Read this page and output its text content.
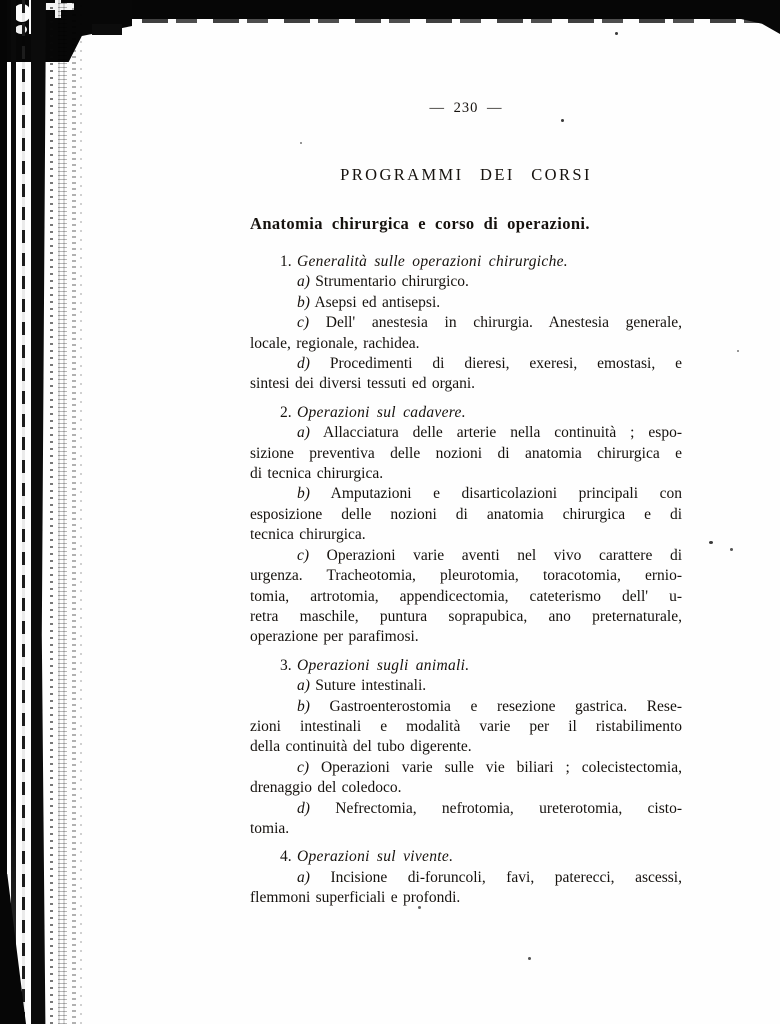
— 230 —
PROGRAMMI DEI CORSI
Anatomia chirurgica e corso di operazioni.
1. Generalità sulle operazioni chirurgiche.
a) Strumentario chirurgico.
b) Asepsi ed antisepsi.
c) Dell' anestesia in chirurgia. Anestesia generale,
locale, regionale, rachidea.
d) Procedimenti di dieresi, exeresi, emostasi, e
sintesi dei diversi tessuti ed organi.
2. Operazioni sul cadavere.
a) Allacciatura delle arterie nella continuità ; espo-
sizione preventiva delle nozioni di anatomia chirurgica e
di tecnica chirurgica.
b) Amputazioni e disarticolazioni principali con
esposizione delle nozioni di anatomia chirurgica e di
tecnica chirurgica.
c) Operazioni varie aventi nel vivo carattere di
urgenza. Tracheotomia, pleurotomia, toracotomia, ernio-
tomia, artrotomia, appendicectomia, cateterismo dell' u-
retra maschile, puntura soprapubica, ano preternaturale,
operazione per parafimosi.
3. Operazioni sugli animali.
a) Suture intestinali.
b) Gastroenterostomia e resezione gastrica. Rese-
zioni intestinali e modalità varie per il ristabilimento
della continuità del tubo digerente.
c) Operazioni varie sulle vie biliari ; colecistectomia,
drenaggio del coledoco.
d) Nefrectomia, nefrotomia, ureterotomia, cisto-
tomia.
4. Operazioni sul vivente.
a) Incisione di-foruncoli, favi, paterecci, ascessi,
flemmoni superficiali e profondi.
